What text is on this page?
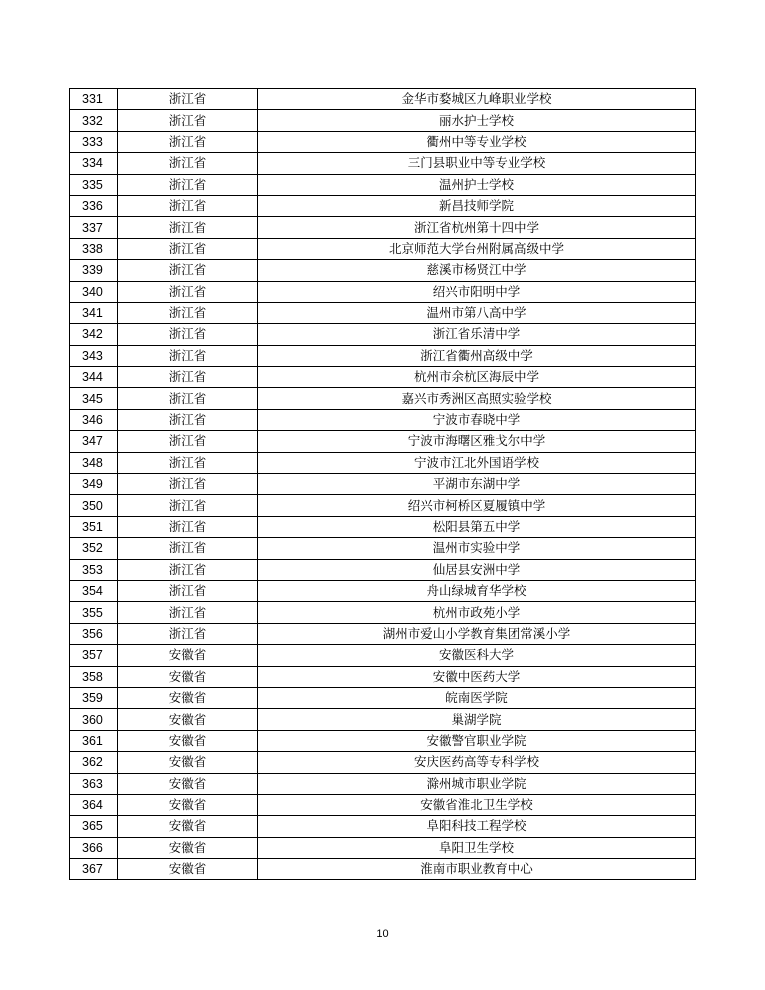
331	浙江省	金华市婺城区九峰职业学校
332	浙江省	丽水护士学校
333	浙江省	衢州中等专业学校
334	浙江省	三门县职业中等专业学校
335	浙江省	温州护士学校
336	浙江省	新昌技师学院
337	浙江省	浙江省杭州第十四中学
338	浙江省	北京师范大学台州附属高级中学
339	浙江省	慈溪市杨贤江中学
340	浙江省	绍兴市阳明中学
341	浙江省	温州市第八高中学
342	浙江省	浙江省乐清中学
343	浙江省	浙江省衢州高级中学
344	浙江省	杭州市余杭区海辰中学
345	浙江省	嘉兴市秀洲区高照实验学校
346	浙江省	宁波市春晓中学
347	浙江省	宁波市海曙区雅戈尔中学
348	浙江省	宁波市江北外国语学校
349	浙江省	平湖市东湖中学
350	浙江省	绍兴市柯桥区夏履镇中学
351	浙江省	松阳县第五中学
352	浙江省	温州市实验中学
353	浙江省	仙居县安洲中学
354	浙江省	舟山绿城育华学校
355	浙江省	杭州市政苑小学
356	浙江省	湖州市爱山小学教育集团常溪小学
357	安徽省	安徽医科大学
358	安徽省	安徽中医药大学
359	安徽省	皖南医学院
360	安徽省	巢湖学院
361	安徽省	安徽警官职业学院
362	安徽省	安庆医药高等专科学校
363	安徽省	滁州城市职业学院
364	安徽省	安徽省淮北卫生学校
365	安徽省	阜阳科技工程学校
366	安徽省	阜阳卫生学校
367	安徽省	淮南市职业教育中心
10
